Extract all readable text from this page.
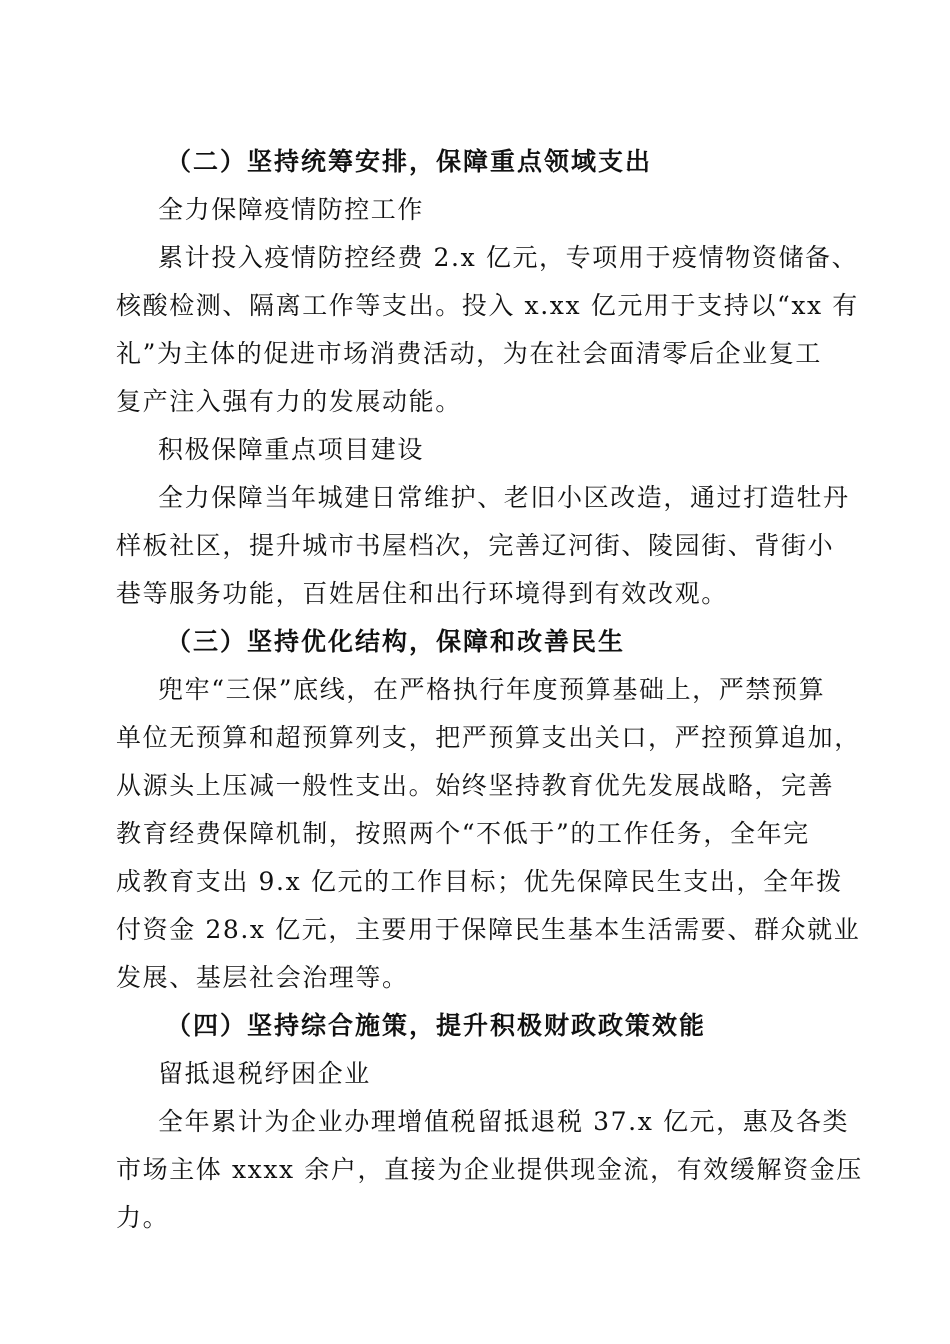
（二）坚持统筹安排，保障重点领域支出
全力保障疫情防控工作
累计投入疫情防控经费 2.x 亿元，专项用于疫情物资储备、
核酸检测、隔离工作等支出。投入 x.xx 亿元用于支持以“xx 有
礼”为主体的促进市场消费活动，为在社会面清零后企业复工
复产注入强有力的发展动能。
积极保障重点项目建设
全力保障当年城建日常维护、老旧小区改造，通过打造牡丹
样板社区，提升城市书屋档次，完善辽河街、陵园街、背街小
巷等服务功能，百姓居住和出行环境得到有效改观。
（三）坚持优化结构，保障和改善民生
兜牢“三保”底线，在严格执行年度预算基础上，严禁预算
单位无预算和超预算列支，把严预算支出关口，严控预算追加，
从源头上压减一般性支出。始终坚持教育优先发展战略，完善
教育经费保障机制，按照两个“不低于”的工作任务，全年完
成教育支出 9.x 亿元的工作目标；优先保障民生支出，全年拨
付资金 28.x 亿元，主要用于保障民生基本生活需要、群众就业
发展、基层社会治理等。
（四）坚持综合施策，提升积极财政政策效能
留抵退税纾困企业
全年累计为企业办理增值税留抵退税 37.x 亿元，惠及各类
市场主体 xxxx 余户，直接为企业提供现金流，有效缓解资金压
力。
